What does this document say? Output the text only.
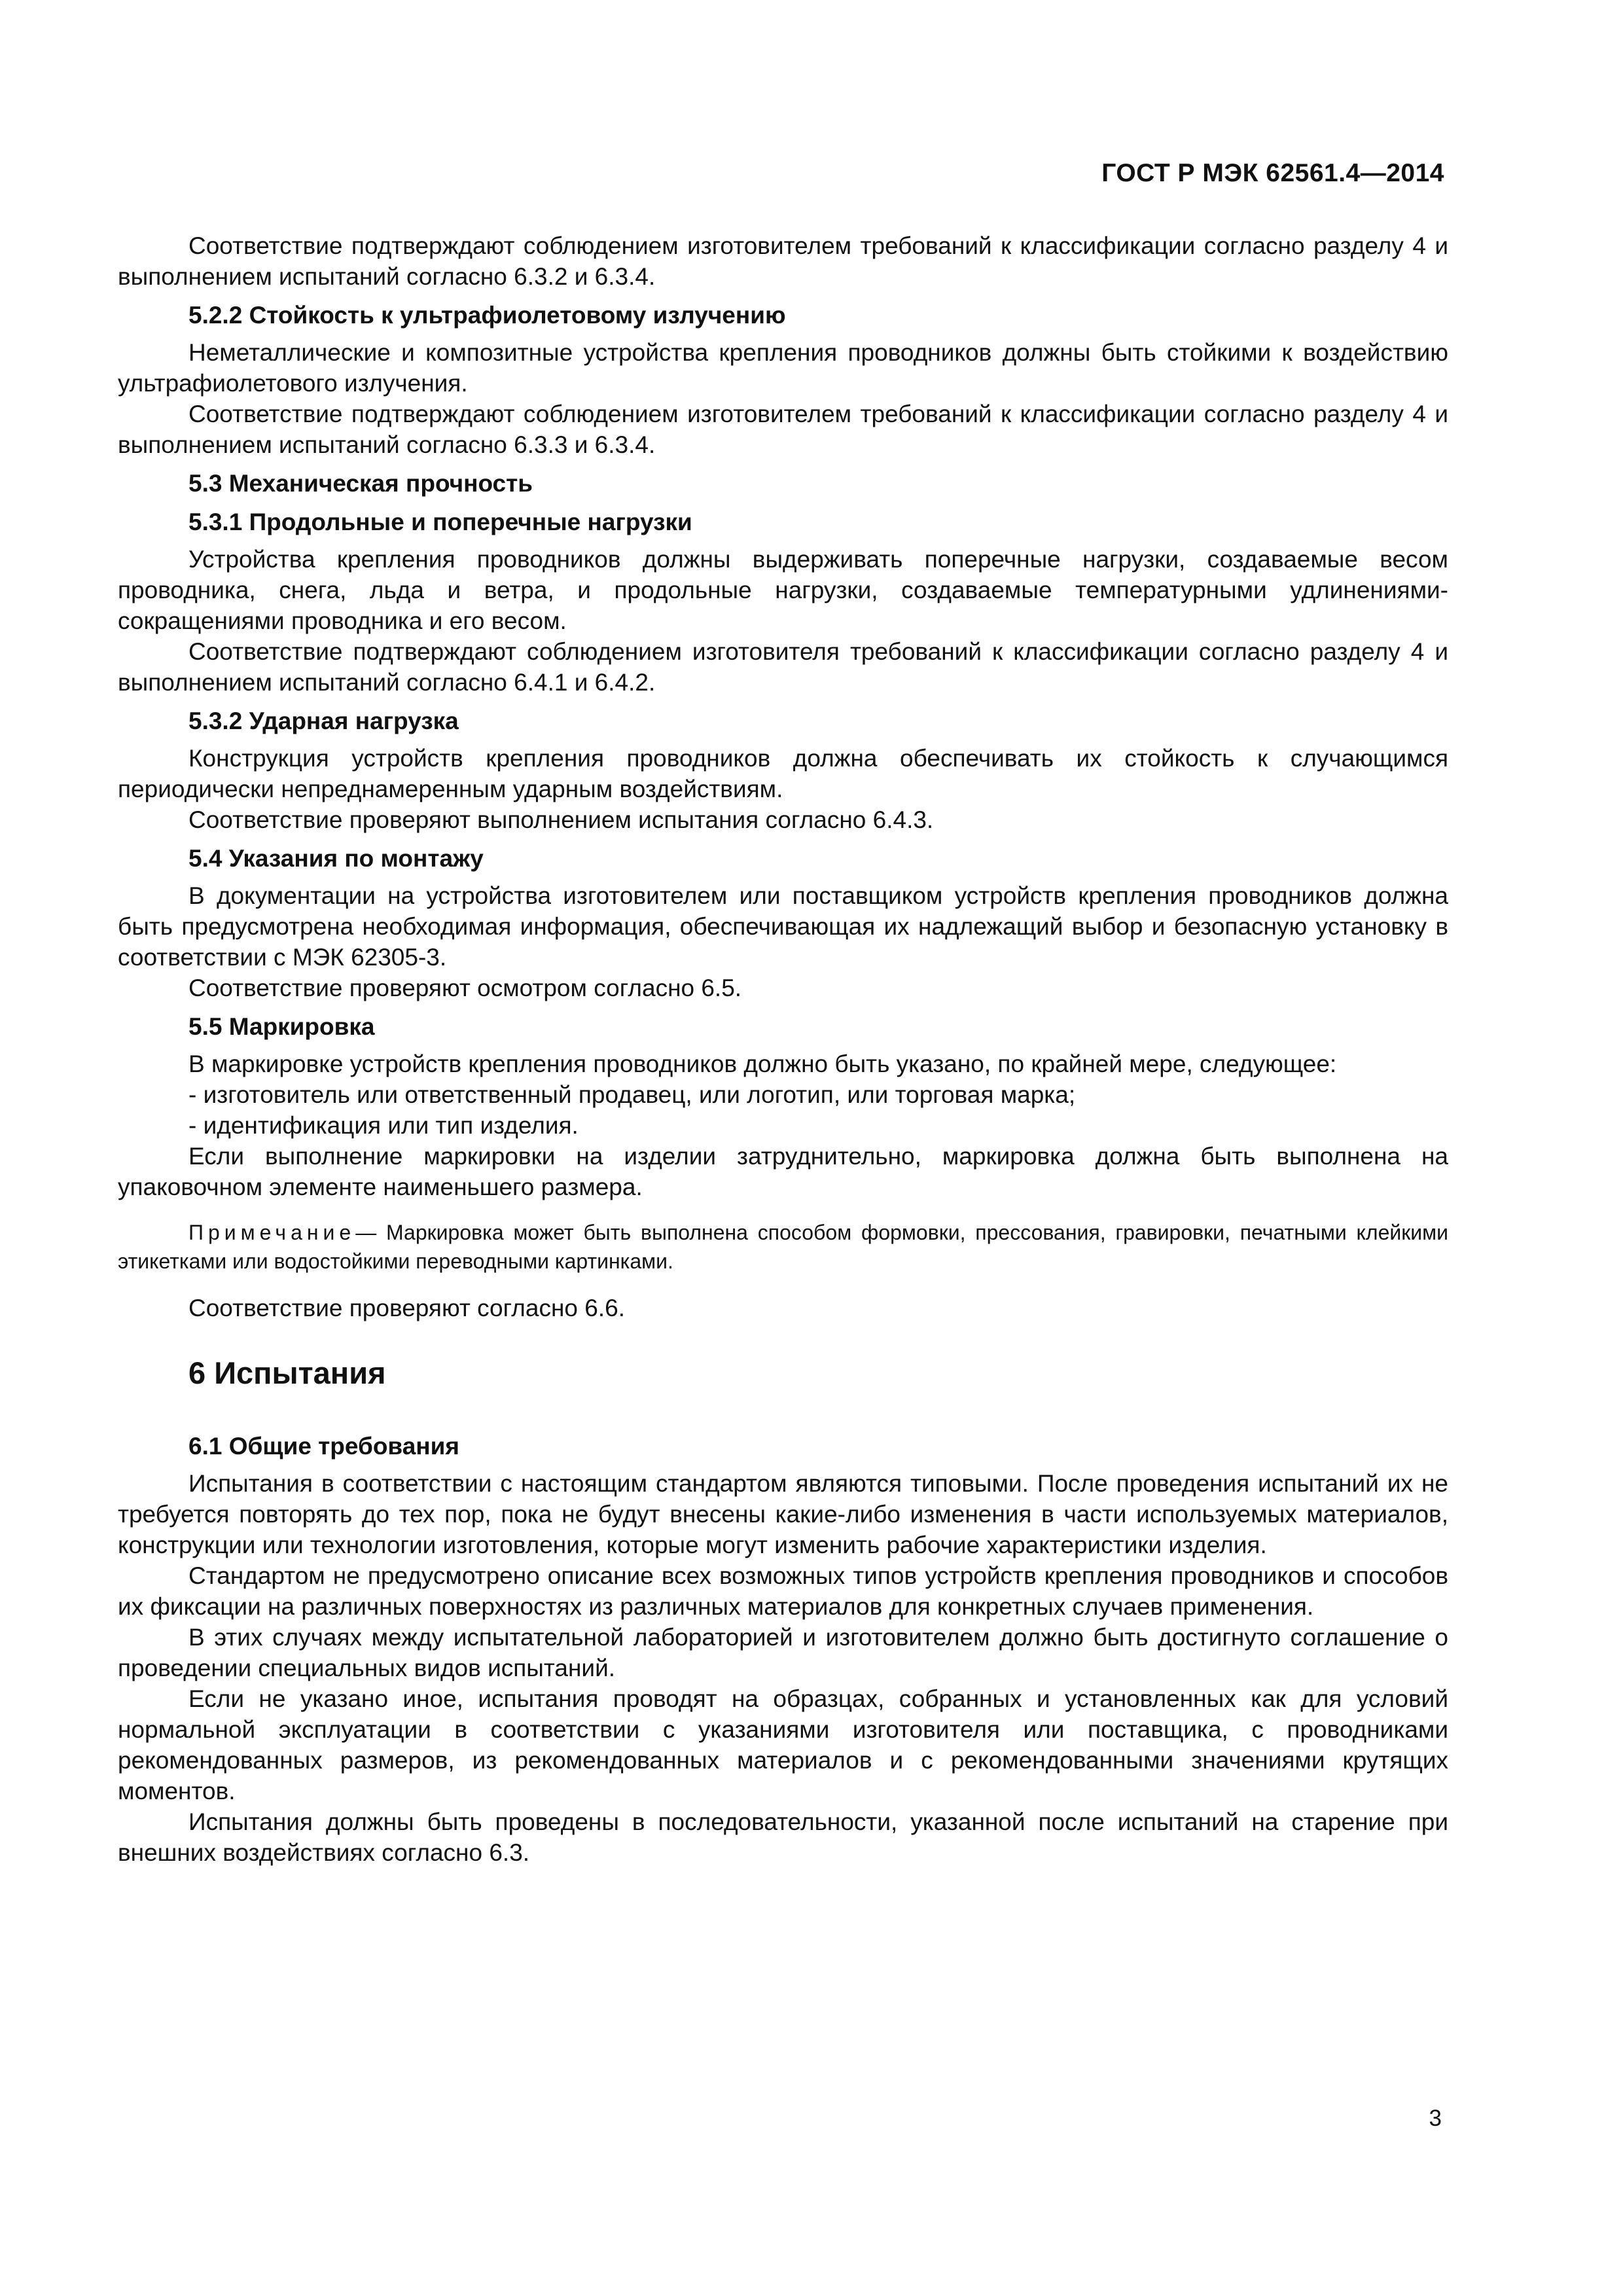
ГОСТ Р МЭК 62561.4—2014

Соответствие подтверждают соблюдением изготовителем требований к классификации согласно разделу 4 и выполнением испытаний согласно 6.3.2 и 6.3.4.

5.2.2 Стойкость к ультрафиолетовому излучению

Неметаллические и композитные устройства крепления проводников должны быть стойкими к воздействию ультрафиолетового излучения.

Соответствие подтверждают соблюдением изготовителем требований к классификации согласно разделу 4 и выполнением испытаний согласно 6.3.3 и 6.3.4.

5.3 Механическая прочность
5.3.1 Продольные и поперечные нагрузки

Устройства крепления проводников должны выдерживать поперечные нагрузки, создаваемые весом проводника, снега, льда и ветра, и продольные нагрузки, создаваемые температурными удлинениями-сокращениями проводника и его весом.

Соответствие подтверждают соблюдением изготовителя требований к классификации согласно разделу 4 и выполнением испытаний согласно 6.4.1 и 6.4.2.

5.3.2 Ударная нагрузка

Конструкция устройств крепления проводников должна обеспечивать их стойкость к случающимся периодически непреднамеренным ударным воздействиям.

Соответствие проверяют выполнением испытания согласно 6.4.3.

5.4 Указания по монтажу

В документации на устройства изготовителем или поставщиком устройств крепления проводников должна быть предусмотрена необходимая информация, обеспечивающая их надлежащий выбор и безопасную установку в соответствии с МЭК 62305-3.

Соответствие проверяют осмотром согласно 6.5.

5.5 Маркировка

В маркировке устройств крепления проводников должно быть указано, по крайней мере, следующее:

- изготовитель или ответственный продавец, или логотип, или торговая марка;

- идентификация или тип изделия.

Если выполнение маркировки на изделии затруднительно, маркировка должна быть выполнена на упаковочном элементе наименьшего размера.

Примечание— Маркировка может быть выполнена способом формовки, прессования, гравировки, печатными клейкими этикетками или водостойкими переводными картинками.

Соответствие проверяют согласно 6.6.

6 Испытания
6.1 Общие требования

Испытания в соответствии с настоящим стандартом являются типовыми. После проведения испытаний их не требуется повторять до тех пор, пока не будут внесены какие-либо изменения в части используемых материалов, конструкции или технологии изготовления, которые могут изменить рабочие характеристики изделия.

Стандартом не предусмотрено описание всех возможных типов устройств крепления проводников и способов их фиксации на различных поверхностях из различных материалов для конкретных случаев применения.

В этих случаях между испытательной лабораторией и изготовителем должно быть достигнуто соглашение о проведении специальных видов испытаний.

Если не указано иное, испытания проводят на образцах, собранных и установленных как для условий нормальной эксплуатации в соответствии с указаниями изготовителя или поставщика, с проводниками рекомендованных размеров, из рекомендованных материалов и с рекомендованными значениями крутящих моментов.

Испытания должны быть проведены в последовательности, указанной после испытаний на старение при внешних воздействиях согласно 6.3.

3
